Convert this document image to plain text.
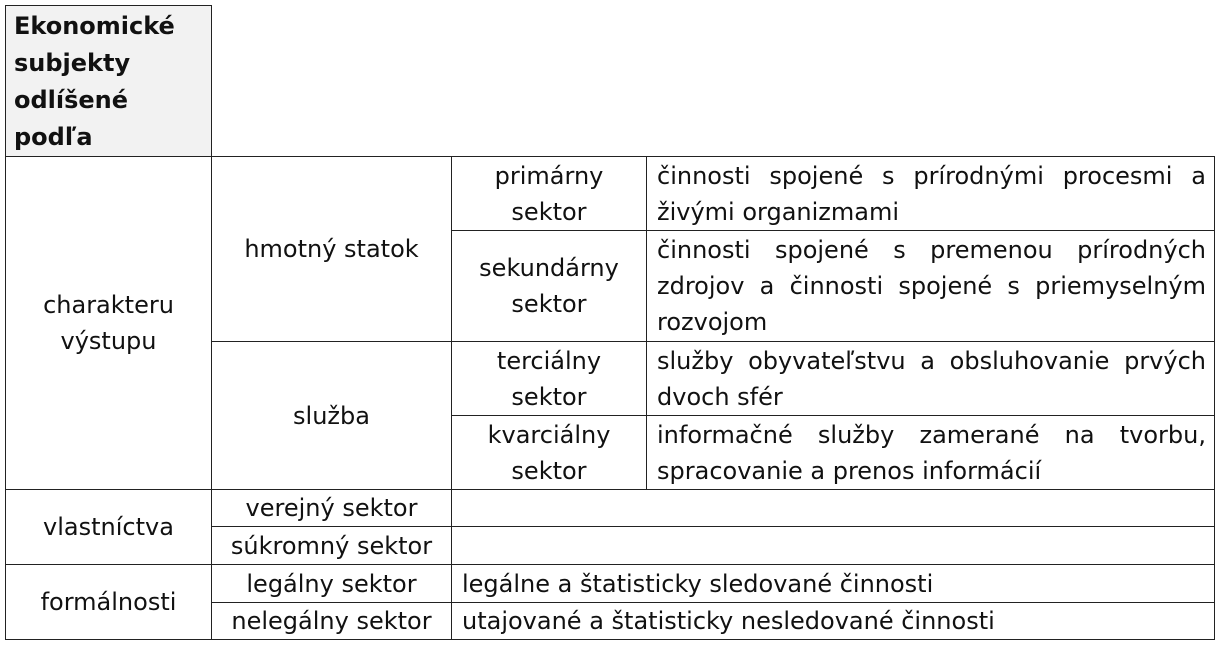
Ekonomické subjekty odlíšené podľa
charakteru výstupu
hmotný statok
primárny sektor
činnosti spojené s prírodnými procesmi a živými organizmami
sekundárny sektor
činnosti spojené s premenou prírodných zdrojov a činnosti spojené s priemyselným rozvojom
služba
terciálny sektor
služby obyvateľstvu a obsluhovanie prvých dvoch sfér
kvarciálny sektor
informačné služby zamerané na tvorbu, spracovanie a prenos informácií
vlastníctva
verejný sektor
súkromný sektor
formálnosti
legálny sektor legálne a štatisticky sledované činnosti
nelegálny sektor utajované a štatisticky nesledované činnosti
